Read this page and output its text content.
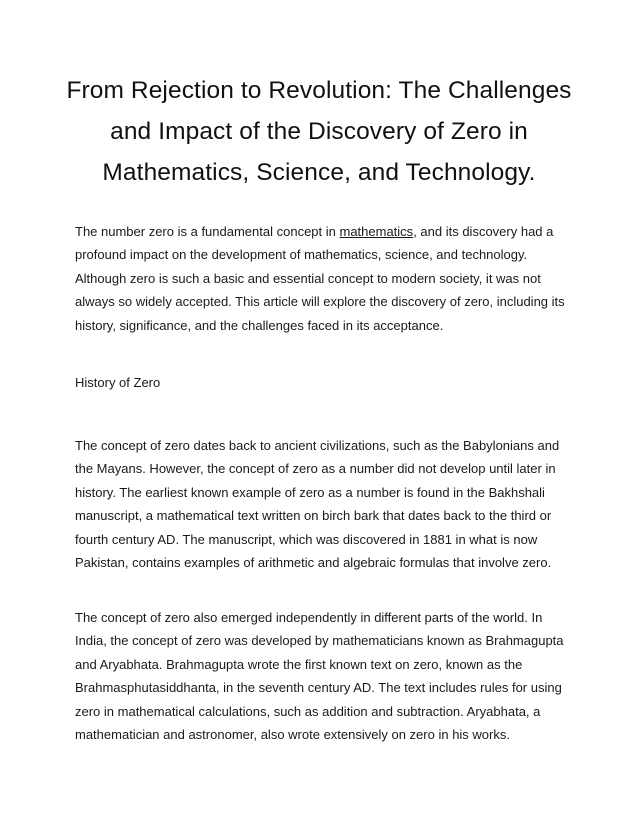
From Rejection to Revolution: The Challenges and Impact of the Discovery of Zero in Mathematics, Science, and Technology.

The number zero is a fundamental concept in mathematics, and its discovery had a profound impact on the development of mathematics, science, and technology. Although zero is such a basic and essential concept to modern society, it was not always so widely accepted. This article will explore the discovery of zero, including its history, significance, and the challenges faced in its acceptance.

History of Zero

The concept of zero dates back to ancient civilizations, such as the Babylonians and the Mayans. However, the concept of zero as a number did not develop until later in history. The earliest known example of zero as a number is found in the Bakhshali manuscript, a mathematical text written on birch bark that dates back to the third or fourth century AD. The manuscript, which was discovered in 1881 in what is now Pakistan, contains examples of arithmetic and algebraic formulas that involve zero.

The concept of zero also emerged independently in different parts of the world. In India, the concept of zero was developed by mathematicians known as Brahmagupta and Aryabhata. Brahmagupta wrote the first known text on zero, known as the Brahmasphutasiddhanta, in the seventh century AD. The text includes rules for using zero in mathematical calculations, such as addition and subtraction. Aryabhata, a mathematician and astronomer, also wrote extensively on zero in his works.
